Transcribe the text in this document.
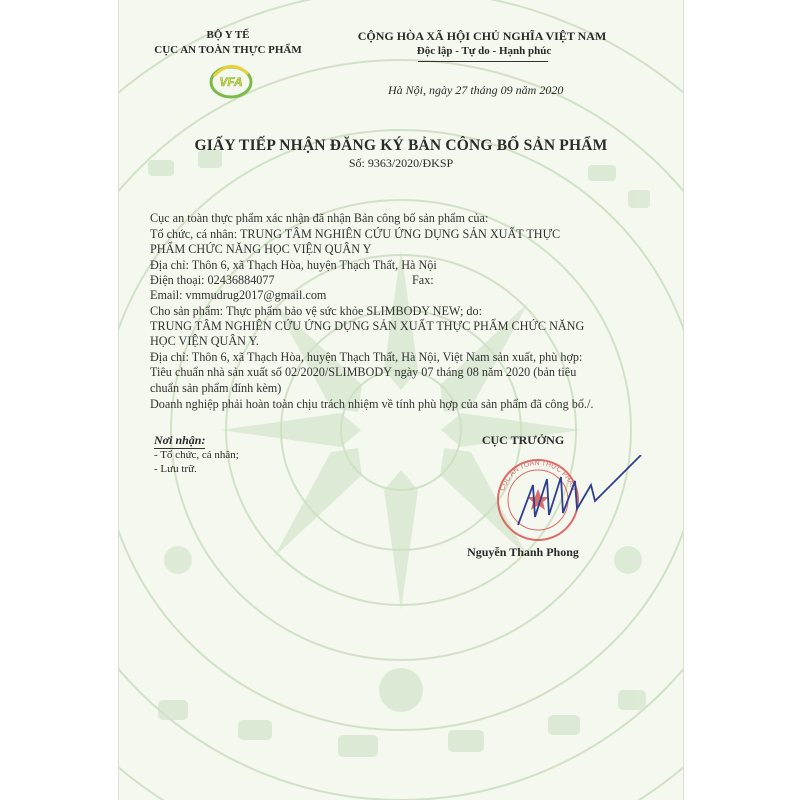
BỘ Y TẾ
CỤC AN TOÀN THỰC PHẨM
VFA
CỘNG HÒA XÃ HỘI CHỦ NGHĨA VIỆT NAM
Độc lập - Tự do - Hạnh phúc
Hà Nội, ngày 27 tháng 09 năm 2020
GIẤY TIẾP NHẬN ĐĂNG KÝ BẢN CÔNG BỐ SẢN PHẨM
Số: 9363/2020/ĐKSP
Cục an toàn thực phẩm xác nhận đã nhận Bản công bố sản phẩm của:
Tổ chức, cá nhân: TRUNG TÂM NGHIÊN CỨU ỨNG DỤNG SẢN XUẤT THỰC
PHẨM CHỨC NĂNG HỌC VIỆN QUÂN Y
Địa chỉ: Thôn 6, xã Thạch Hòa, huyện Thạch Thất, Hà Nội
Điện thoại: 02436884077	Fax:
Email: vmmudrug2017@gmail.com
Cho sản phẩm: Thực phẩm bảo vệ sức khỏe SLIMBODY NEW; do:
TRUNG TÂM NGHIÊN CỨU ỨNG DỤNG SẢN XUẤT THỰC PHẨM CHỨC NĂNG
HỌC VIỆN QUÂN Y.
Địa chỉ: Thôn 6, xã Thạch Hòa, huyện Thạch Thất, Hà Nội, Việt Nam sản xuất, phù hợp:
Tiêu chuẩn nhà sản xuất số 02/2020/SLIMBODY ngày 07 tháng 08 năm 2020 (bản tiêu
chuẩn sản phẩm đính kèm)
Doanh nghiệp phải hoàn toàn chịu trách nhiệm về tính phù hợp của sản phẩm đã công bố./.
Nơi nhận:
- Tổ chức, cá nhân;
- Lưu trữ.
CỤC TRƯỞNG
CỤC AN TOÀN THỰC PHẨM
Nguyễn Thanh Phong
